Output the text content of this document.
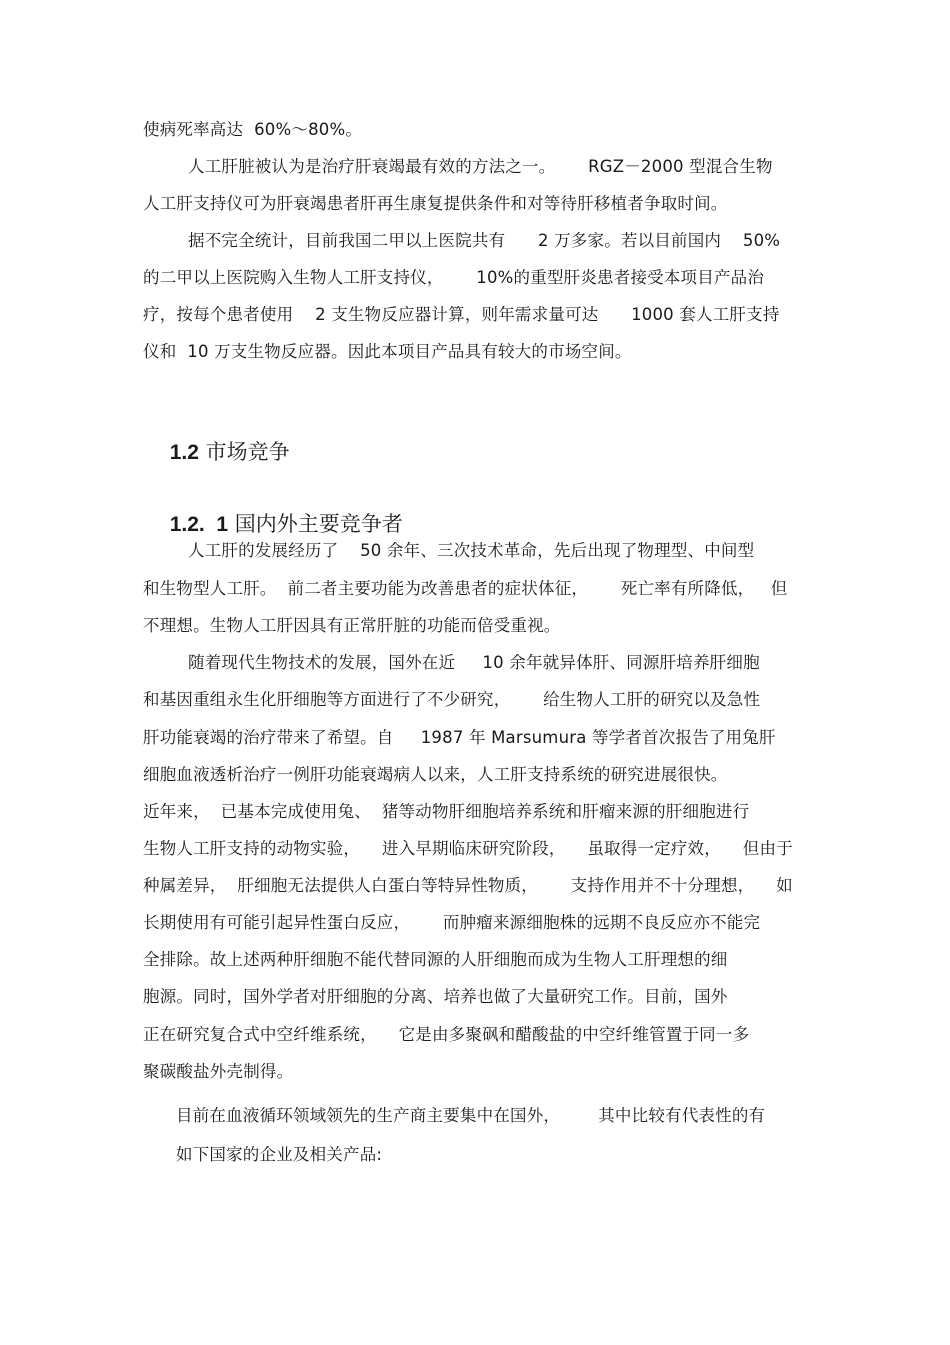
使病死率高达  60%～80%。
人工肝脏被认为是治疗肝衰竭最有效的方法之一。      RGZ－2000 型混合生物
人工肝支持仪可为肝衰竭患者肝再生康复提供条件和对等待肝移植者争取时间。
据不完全统计，目前我国二甲以上医院共有      2 万多家。若以目前国内    50%
的二甲以上医院购入生物人工肝支持仪，      10%的重型肝炎患者接受本项目产品治
疗，按每个患者使用    2 支生物反应器计算，则年需求量可达      1000 套人工肝支持
仪和  10 万支生物反应器。因此本项目产品具有较大的市场空间。

1.2 市场竞争

1.2.  1 国内外主要竞争者

人工肝的发展经历了    50 余年、三次技术革命，先后出现了物理型、中间型
和生物型人工肝。  前二者主要功能为改善患者的症状体征，      死亡率有所降低，   但
不理想。生物人工肝因具有正常肝脏的功能而倍受重视。
随着现代生物技术的发展，国外在近     10 余年就异体肝、同源肝培养肝细胞
和基因重组永生化肝细胞等方面进行了不少研究，      给生物人工肝的研究以及急性
肝功能衰竭的治疗带来了希望。自     1987 年 Marsumura 等学者首次报告了用兔肝
细胞血液透析治疗一例肝功能衰竭病人以来，人工肝支持系统的研究进展很快。
近年来，  已基本完成使用兔、  猪等动物肝细胞培养系统和肝瘤来源的肝细胞进行
生物人工肝支持的动物实验，    进入早期临床研究阶段，    虽取得一定疗效，    但由于
种属差异，  肝细胞无法提供人白蛋白等特异性物质，      支持作用并不十分理想，    如
长期使用有可能引起异性蛋白反应，      而肿瘤来源细胞株的远期不良反应亦不能完
全排除。故上述两种肝细胞不能代替同源的人肝细胞而成为生物人工肝理想的细
胞源。同时，国外学者对肝细胞的分离、培养也做了大量研究工作。目前，国外
正在研究复合式中空纤维系统，    它是由多聚砜和醋酸盐的中空纤维管置于同一多
聚碳酸盐外壳制得。
目前在血液循环领域领先的生产商主要集中在国外，       其中比较有代表性的有
如下国家的企业及相关产品:
